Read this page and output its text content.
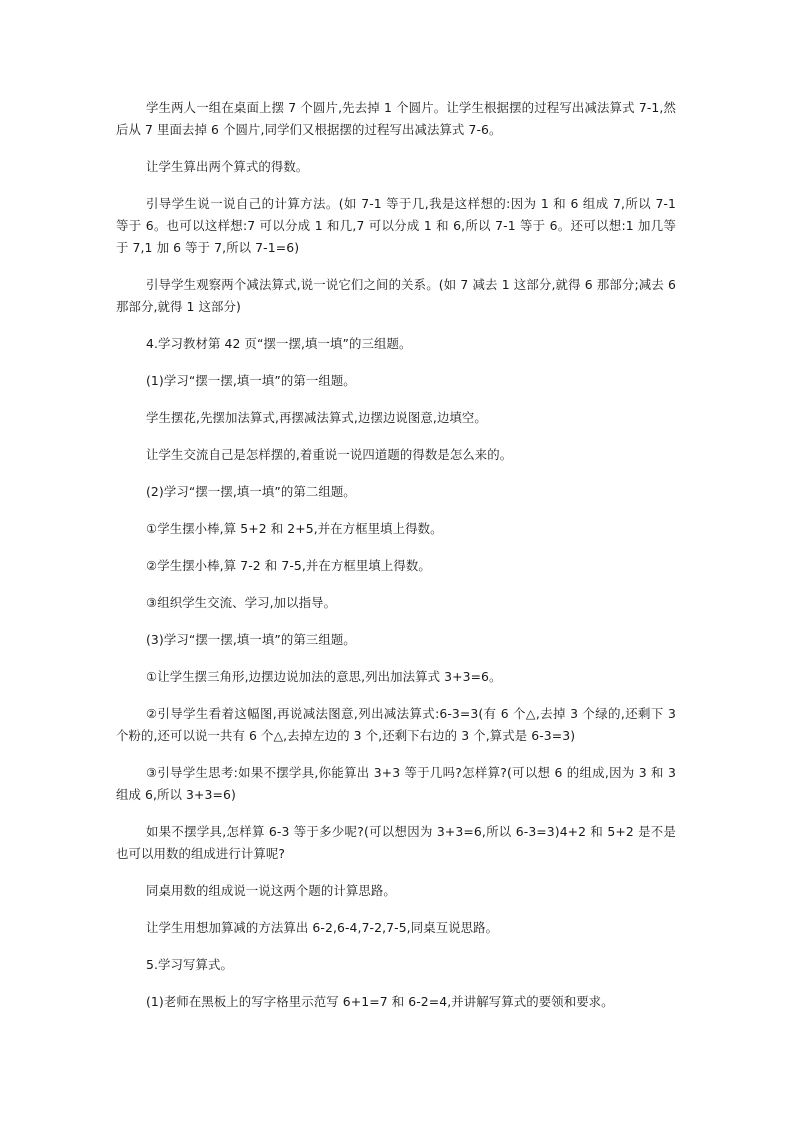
学生两人一组在桌面上摆 7 个圆片,先去掉 1 个圆片。让学生根据摆的过程写出减法算式 7-1,然后从 7 里面去掉 6 个圆片,同学们又根据摆的过程写出减法算式 7-6。

让学生算出两个算式的得数。

引导学生说一说自己的计算方法。(如 7-1 等于几,我是这样想的:因为 1 和 6 组成 7,所以 7-1 等于 6。也可以这样想:7 可以分成 1 和几,7 可以分成 1 和 6,所以 7-1 等于 6。还可以想:1 加几等于 7,1 加 6 等于 7,所以 7-1=6)

引导学生观察两个减法算式,说一说它们之间的关系。(如 7 减去 1 这部分,就得 6 那部分;减去 6 那部分,就得 1 这部分)

4.学习教材第 42 页“摆一摆,填一填”的三组题。

(1)学习“摆一摆,填一填”的第一组题。

学生摆花,先摆加法算式,再摆减法算式,边摆边说图意,边填空。

让学生交流自己是怎样摆的,着重说一说四道题的得数是怎么来的。

(2)学习“摆一摆,填一填”的第二组题。

①学生摆小棒,算 5+2 和 2+5,并在方框里填上得数。

②学生摆小棒,算 7-2 和 7-5,并在方框里填上得数。

③组织学生交流、学习,加以指导。

(3)学习“摆一摆,填一填”的第三组题。

①让学生摆三角形,边摆边说加法的意思,列出加法算式 3+3=6。

②引导学生看着这幅图,再说减法图意,列出减法算式:6-3=3(有 6 个△,去掉 3 个绿的,还剩下 3 个粉的,还可以说一共有 6 个△,去掉左边的 3 个,还剩下右边的 3 个,算式是 6-3=3)

③引导学生思考:如果不摆学具,你能算出 3+3 等于几吗?怎样算?(可以想 6 的组成,因为 3 和 3 组成 6,所以 3+3=6)

如果不摆学具,怎样算 6-3 等于多少呢?(可以想因为 3+3=6,所以 6-3=3)4+2 和 5+2 是不是也可以用数的组成进行计算呢?

同桌用数的组成说一说这两个题的计算思路。

让学生用想加算减的方法算出 6-2,6-4,7-2,7-5,同桌互说思路。

5.学习写算式。

(1)老师在黑板上的写字格里示范写 6+1=7 和 6-2=4,并讲解写算式的要领和要求。
